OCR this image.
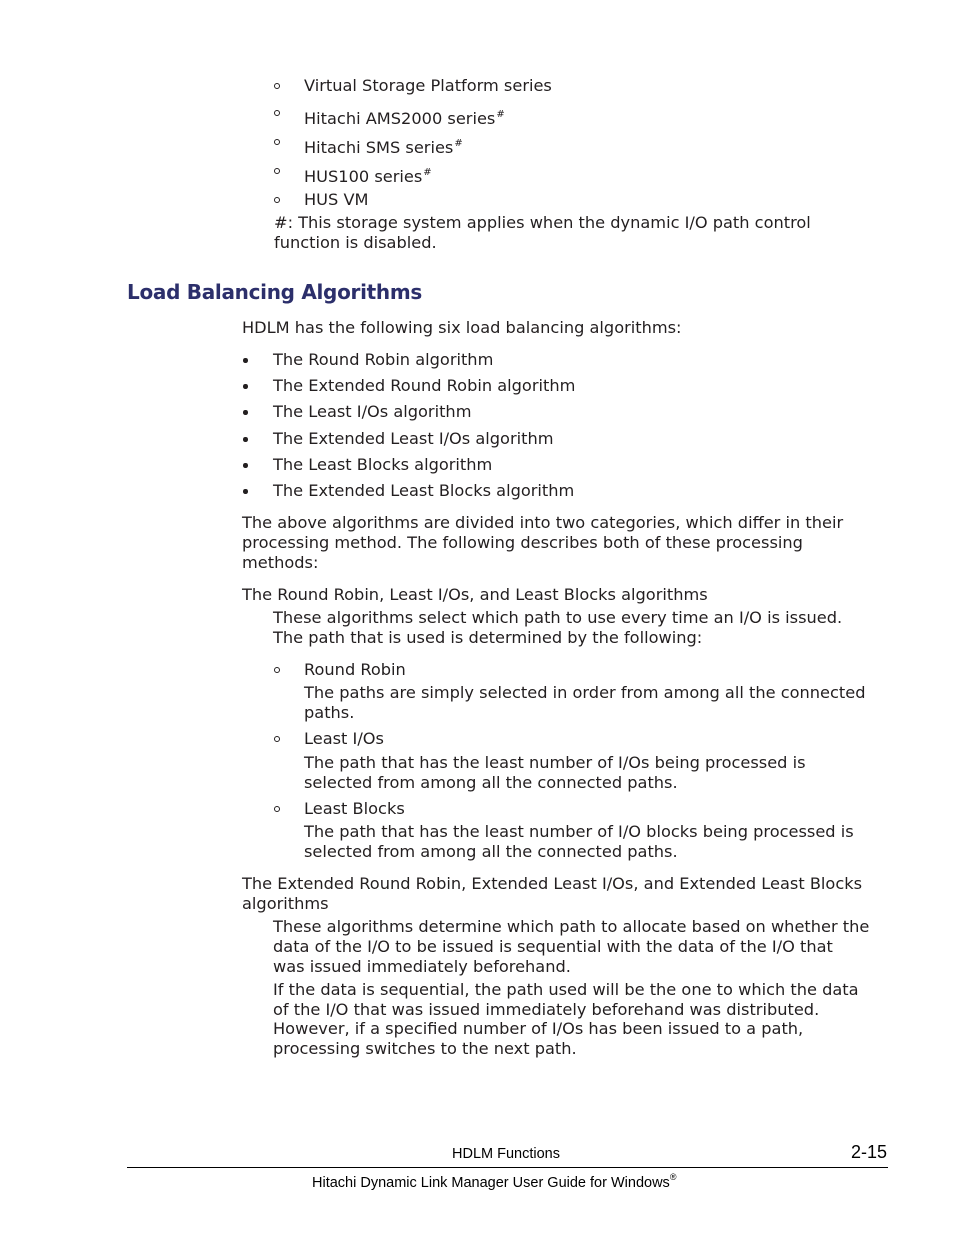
Virtual Storage Platform series
Hitachi AMS2000 series#
Hitachi SMS series#
HUS100 series#
HUS VM
#: This storage system applies when the dynamic I/O path control
function is disabled.
Load Balancing Algorithms
HDLM has the following six load balancing algorithms:
The Round Robin algorithm
The Extended Round Robin algorithm
The Least I/Os algorithm
The Extended Least I/Os algorithm
The Least Blocks algorithm
The Extended Least Blocks algorithm
The above algorithms are divided into two categories, which differ in their
processing method. The following describes both of these processing
methods:
The Round Robin, Least I/Os, and Least Blocks algorithms
These algorithms select which path to use every time an I/O is issued.
The path that is used is determined by the following:
Round Robin
The paths are simply selected in order from among all the connected
paths.
Least I/Os
The path that has the least number of I/Os being processed is
selected from among all the connected paths.
Least Blocks
The path that has the least number of I/O blocks being processed is
selected from among all the connected paths.
The Extended Round Robin, Extended Least I/Os, and Extended Least Blocks
algorithms
These algorithms determine which path to allocate based on whether the
data of the I/O to be issued is sequential with the data of the I/O that
was issued immediately beforehand.
If the data is sequential, the path used will be the one to which the data
of the I/O that was issued immediately beforehand was distributed.
However, if a specified number of I/Os has been issued to a path,
processing switches to the next path.
HDLM Functions	2-15
Hitachi Dynamic Link Manager User Guide for Windows®
